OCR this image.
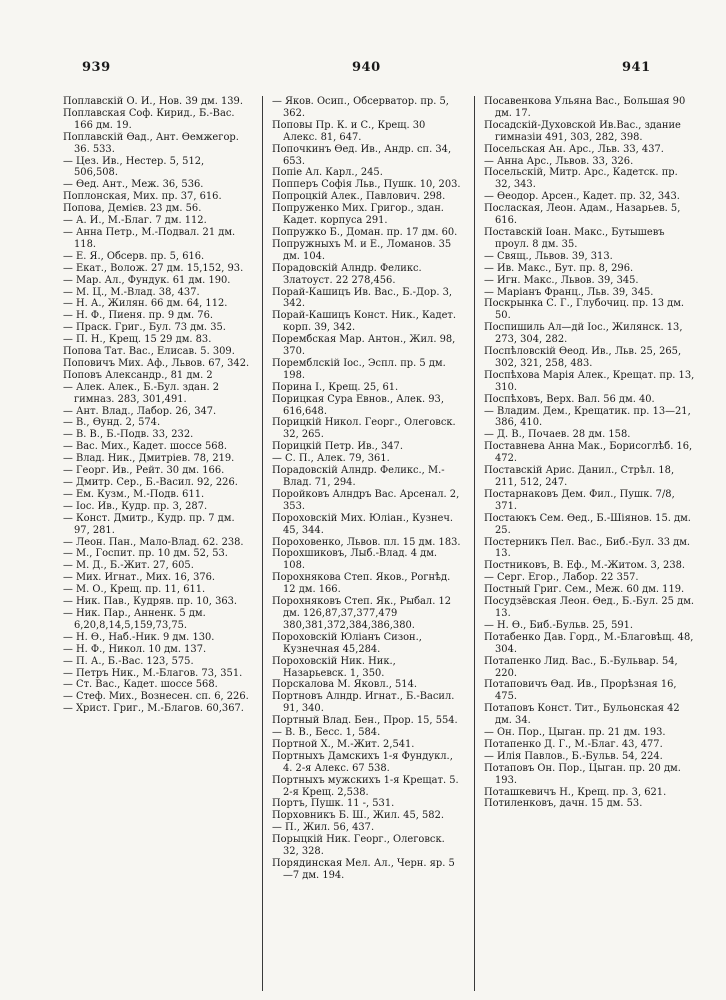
939	940	941
Поплавскій О. И., Нов. 39 дм. 139.
Поплавская Соф. Кирид., Б.-Вас. 166 дм. 19.
Поплавскій Ѳад., Ант. Ѳемжегор. 36. 533.
— Цез. Ив., Нестер. 5, 512, 506,508.
— Ѳед. Ант., Меж. 36, 536.
Поплонская, Мих. пр. 37, 616.
Попова, Демієв. 23 дм. 56.
— А. И., М.-Благ. 7 дм. 112.
— Анна Петр., М.-Подвал. 21 дм. 118.
— Е. Я., Обсерв. пр. 5, 616.
— Екат., Волож. 27 дм. 15,152, 93.
— Мар. Ал., Фундук. 61 дм. 190.
— М. Ц., М.-Влад. 38, 437.
— Н. А., Жилян. 66 дм. 64, 112.
— Н. Ф., Пиеня. пр. 9 дм. 76.
— Праск. Григ., Бул. 73 дм. 35.
— П. Н., Крещ. 15 29 дм. 83.
Попова Тат. Вас., Елисав. 5. 309.
Поповичъ Мих. Аф., Львов. 67, 342.
Поповъ Александр., 81 дм. 2
— Алек. Алек., Б.-Бул. здан. 2 гимназ. 283, 301,491.
— Ант. Влад., Лабор. 26, 347.
— В., Ѳунд. 2, 574.
— В. В., Б.-Подв. 33, 232.
— Вас. Мих., Кадет. шоссе 568.
— Влад. Ник., Дмитріев. 78, 219.
— Георг. Ив., Рейт. 30 дм. 166.
— Дмитр. Сер., Б.-Васил. 92, 226.
— Ем. Кузм., М.-Подв. 611.
— Іос. Ив., Кудр. пр. 3, 287.
— Конст. Дмитр., Кудр. пр. 7 дм. 97, 281.
— Леон. Пан., Мало-Влад. 62. 238.
— М., Госпит. пр. 10 дм. 52, 53.
— М. Д., Б.-Жит. 27, 605.
— Мих. Игнат., Мих. 16, 376.
— М. О., Крещ. пр. 11, 611.
— Ник. Пав., Кудряв. пр. 10, 363.
— Ник. Пар., Анненк. 5 дм. 6,20,8,14,5,159,73,75.
— Н. Ѳ., Наб.-Ник. 9 дм. 130.
— Н. Ф., Никол. 10 дм. 137.
— П. А., Б.-Вас. 123, 575.
— Петръ Ник., М.-Благов. 73, 351.
— Ст. Вас., Кадет. шоссе 568.
— Стеф. Мих., Вознесен. сп. 6, 226.
— Христ. Григ., М.-Благов. 60,367.
— Яков. Осип., Обсерватор. пр. 5, 362.
Поповы Пр. К. и С., Крещ. 30 Алекс. 81, 647.
Попочкинъ Ѳед. Ив., Андр. сп. 34, 653.
Попіе Ал. Карл., 245.
Попперъ Софія Льв., Пушк. 10, 203.
Попроцкій Алек., Павлович. 298.
Попруженко Мих. Григор., здан. Кадет. корпуса 291.
Попружко Б., Доман. пр. 17 дм. 60.
Попружныхъ М. и Е., Ломанов. 35 дм. 104.
Порадовскій Алндр. Феликс. Златоуст. 22 278,456.
Порай-Кашицъ Ив. Вас., Б.-Дор. 3, 342.
Порай-Кашицъ Конст. Ник., Кадет. корп. 39, 342.
Порембская Мар. Антон., Жил. 98, 370.
Поремблскій Іос., Эспл. пр. 5 дм. 198.
Порина І., Крещ. 25, 61.
Порицкая Сура Евнов., Алек. 93, 616,648.
Порицкій Никол. Георг., Олеговск. 32, 265.
Порицкій Петр. Ив., 347.
— С. П., Алек. 79, 361.
Порадовскій Алндр. Феликс., М.-Влад. 71, 294.
Поройковъ Алндръ Вас. Арсенал. 2, 353.
Пороховскій Мих. Юліан., Кузнеч. 45, 344.
Пороховенко, Львов. пл. 15 дм. 183.
Порохшиковъ, Лыб.-Влад. 4 дм. 108.
Порохнякова Степ. Яков., Рогнѣд. 12 дм. 166.
Порохняковъ Степ. Як., Рыбал. 12 дм. 126,87,37,377,479 380,381,372,384,386,380.
Пороховскій Юліанъ Сизон., Кузнечная 45,284.
Пороховскій Ник. Ник., Назарьевск. 1, 350.
Порскалова М. Яковл., 514.
Портновъ Алндр. Игнат., Б.-Васил. 91, 340.
Портный Влад. Бен., Прор. 15, 554.
— В. В., Бесс. 1, 584.
Портной Х., М.-Жит. 2,541.
Портныхъ Дамскихъ 1-я Фундукл., 4. 2-я Алекс. 67 538.
Портныхъ мужскихъ 1-я Крещат. 5. 2-я Крещ. 2,538.
Портъ, Пушк. 11 -, 531.
Порховникъ Б. Ш., Жил. 45, 582.
— П., Жил. 56, 437.
Порыцкій Ник. Георг., Олеговск. 32, 328.
Порядинская Мел. Ал., Черн. яр. 5—7 дм. 194.
Посавенкова Ульяна Вас., Большая 90 дм. 17.
Посадскій-Духовской Ив.Вас., здание гимназіи 491, 303, 282, 398.
Посельская Ан. Арс., Льв. 33, 437.
— Анна Арс., Львов. 33, 326.
Посельскій, Митр. Арс., Кадетск. пр. 32, 343.
— Ѳеодор. Арсен., Кадет. пр. 32, 343.
Послаская, Леон. Адам., Назарьев. 5, 616.
Поставскій Іоан. Макс., Бутышевъ проул. 8 дм. 35.
— Свящ., Львов. 39, 313.
— Ив. Макс., Бут. пр. 8, 296.
— Игн. Макс., Львов. 39, 345.
— Маріанъ Франц., Льв. 39, 345.
Поскрынка С. Г., Глубочиц. пр. 13 дм. 50.
Поспишиль Ал—дй Іос., Жилянск. 13, 273, 304, 282.
Поспѣловскій Ѳеод. Ив., Льв. 25, 265, 302, 321, 258, 483.
Поспѣхова Марія Алек., Крещат. пр. 13, 310.
Поспѣховъ, Верх. Вал. 56 дм. 40.
— Владим. Дем., Крещатик. пр. 13—21, 386, 410.
— Д. В., Почаев. 28 дм. 158.
Поставнева Анна Мак., Борисоглѣб. 16, 472.
Поставскій Арис. Данил., Стрѣл. 18, 211, 512, 247.
Постарнаковъ Дем. Фил., Пушк. 7/8, 371.
Постаюкъ Сем. Ѳед., Б.-Шіянов. 15. дм. 25.
Постерникъ Пел. Вас., Биб.-Бул. 33 дм. 13.
Постниковъ, В. Еф., М.-Житом. 3, 238.
— Серг. Егор., Лабор. 22 357.
Постный Григ. Сем., Меж. 60 дм. 119.
Посудзёвская Леон. Ѳед., Б.-Бул. 25 дм. 13.
— Н. Ѳ., Биб.-Бульв. 25, 591.
Потабенко Дав. Горд., М.-Благовѣщ. 48, 304.
Потапенко Лид. Вас., Б.-Бульвар. 54, 220.
Потаповичъ Ѳад. Ив., Прорѣзная 16, 475.
Потаповъ Конст. Тит., Бульонская 42 дм. 34.
— Он. Пор., Цыган. пр. 21 дм. 193.
Потапенко Д. Г., М.-Благ. 43, 477.
— Илія Павлов., Б.-Бульв. 54, 224.
Потаповъ Он. Пор., Цыган. пр. 20 дм. 193.
Поташкевичъ Н., Крещ. пр. 3, 621.
Потиленковъ, дачн. 15 дм. 53.
